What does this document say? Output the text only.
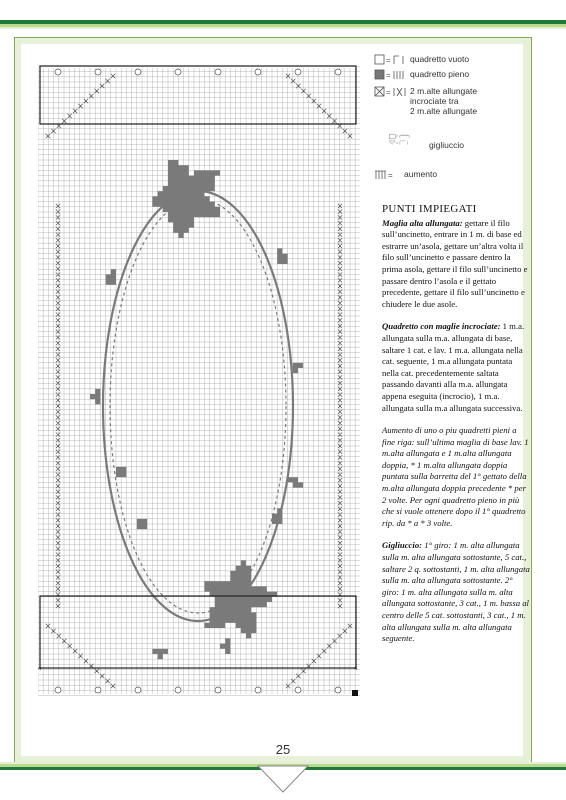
4	4
= quadretto vuoto
= quadretto pieno
= 2 m.alte allungate
incrociate tra
2 m.alte allungate
=
=	gigliuccio
= aumento
PUNTI IMPIEGATI

Maglia alta allungata: gettare il filo sull’uncinetto, entrare in 1 m. di base ed estrarre un’asola, gettare un’altra volta il filo sull’uncinetto e passare dentro la prima asola, gettare il filo sull’uncinetto e passare dentro l’asola e il gettato precedente, gettare il filo sull’uncinetto e chiudere le due asole.

Quadretto con maglie incrociate: 1 m.a. allungata sulla m.a. allungata di base, saltare 1 cat. e lav. 1 m.a. allungata nella cat. seguente, 1 m.a allungata puntata nella cat. precedentemente saltata passando davanti alla m.a. allungata appena eseguita (incrocio), 1 m.a. allungata sulla m.a allungata successiva.

Aumento di uno o piu quadretti pieni a fine riga: sull’ultima maglia di base lav. 1 m.alta allungata e 1 m.alta allungata doppia, * 1 m.alta allungata doppia puntata sulla barretta del 1° gettato della m.alta allungata doppia precedente * per 2 volte. Per ogni quadretto pieno in più che si vuole ottenere dopo il 1° quadretto rip. da * a * 3 volte.

Gigliuccio: 1° giro: 1 m. alta allungata sulla m. alta allungata sottostante, 5 cat., saltare 2 q. sottostanti, 1 m. alta allungata sulla m. alta allungata sottostante. 2° giro: 1 m. alta allungata sulla m. alta allungata sottostante, 3 cat., 1 m. bassa al centro delle 5 cat. sottostanti, 3 cat., 1 m. alta allungata sulla m. alta allungata seguente.

25
